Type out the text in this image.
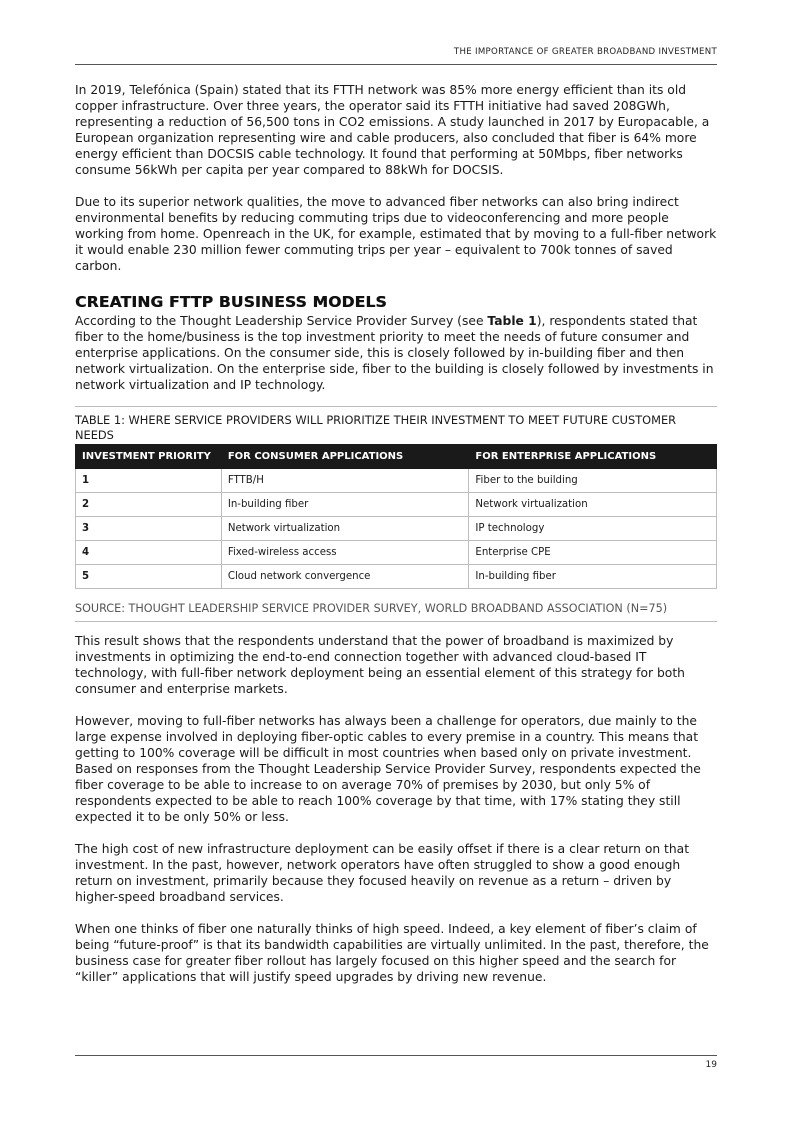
THE IMPORTANCE OF GREATER BROADBAND INVESTMENT

In 2019, Telefónica (Spain) stated that its FTTH network was 85% more energy efficient than its old copper infrastructure. Over three years, the operator said its FTTH initiative had saved 208GWh, representing a reduction of 56,500 tons in CO2 emissions. A study launched in 2017 by Europacable, a European organization representing wire and cable producers, also concluded that fiber is 64% more energy efficient than DOCSIS cable technology. It found that performing at 50Mbps, fiber networks consume 56kWh per capita per year compared to 88kWh for DOCSIS.

Due to its superior network qualities, the move to advanced fiber networks can also bring indirect environmental benefits by reducing commuting trips due to videoconferencing and more people working from home. Openreach in the UK, for example, estimated that by moving to a full-fiber network it would enable 230 million fewer commuting trips per year – equivalent to 700k tonnes of saved carbon.

CREATING FTTP BUSINESS MODELS

According to the Thought Leadership Service Provider Survey (see Table 1), respondents stated that fiber to the home/business is the top investment priority to meet the needs of future consumer and enterprise applications. On the consumer side, this is closely followed by in-building fiber and then network virtualization. On the enterprise side, fiber to the building is closely followed by investments in network virtualization and IP technology.

TABLE 1: WHERE SERVICE PROVIDERS WILL PRIORITIZE THEIR INVESTMENT TO MEET FUTURE CUSTOMER NEEDS
INVESTMENT PRIORITY	FOR CONSUMER APPLICATIONS	FOR ENTERPRISE APPLICATIONS
1	FTTB/H	Fiber to the building
2	In-building fiber	Network virtualization
3	Network virtualization	IP technology
4	Fixed-wireless access	Enterprise CPE
5	Cloud network convergence	In-building fiber
SOURCE: THOUGHT LEADERSHIP SERVICE PROVIDER SURVEY, WORLD BROADBAND ASSOCIATION (N=75)

This result shows that the respondents understand that the power of broadband is maximized by investments in optimizing the end-to-end connection together with advanced cloud-based IT technology, with full-fiber network deployment being an essential element of this strategy for both consumer and enterprise markets.

However, moving to full-fiber networks has always been a challenge for operators, due mainly to the large expense involved in deploying fiber-optic cables to every premise in a country. This means that getting to 100% coverage will be difficult in most countries when based only on private investment. Based on responses from the Thought Leadership Service Provider Survey, respondents expected the fiber coverage to be able to increase to on average 70% of premises by 2030, but only 5% of respondents expected to be able to reach 100% coverage by that time, with 17% stating they still expected it to be only 50% or less.

The high cost of new infrastructure deployment can be easily offset if there is a clear return on that investment. In the past, however, network operators have often struggled to show a good enough return on investment, primarily because they focused heavily on revenue as a return – driven by higher-speed broadband services.

When one thinks of fiber one naturally thinks of high speed. Indeed, a key element of fiber’s claim of being “future-proof” is that its bandwidth capabilities are virtually unlimited. In the past, therefore, the business case for greater fiber rollout has largely focused on this higher speed and the search for “killer” applications that will justify speed upgrades by driving new revenue.

19
